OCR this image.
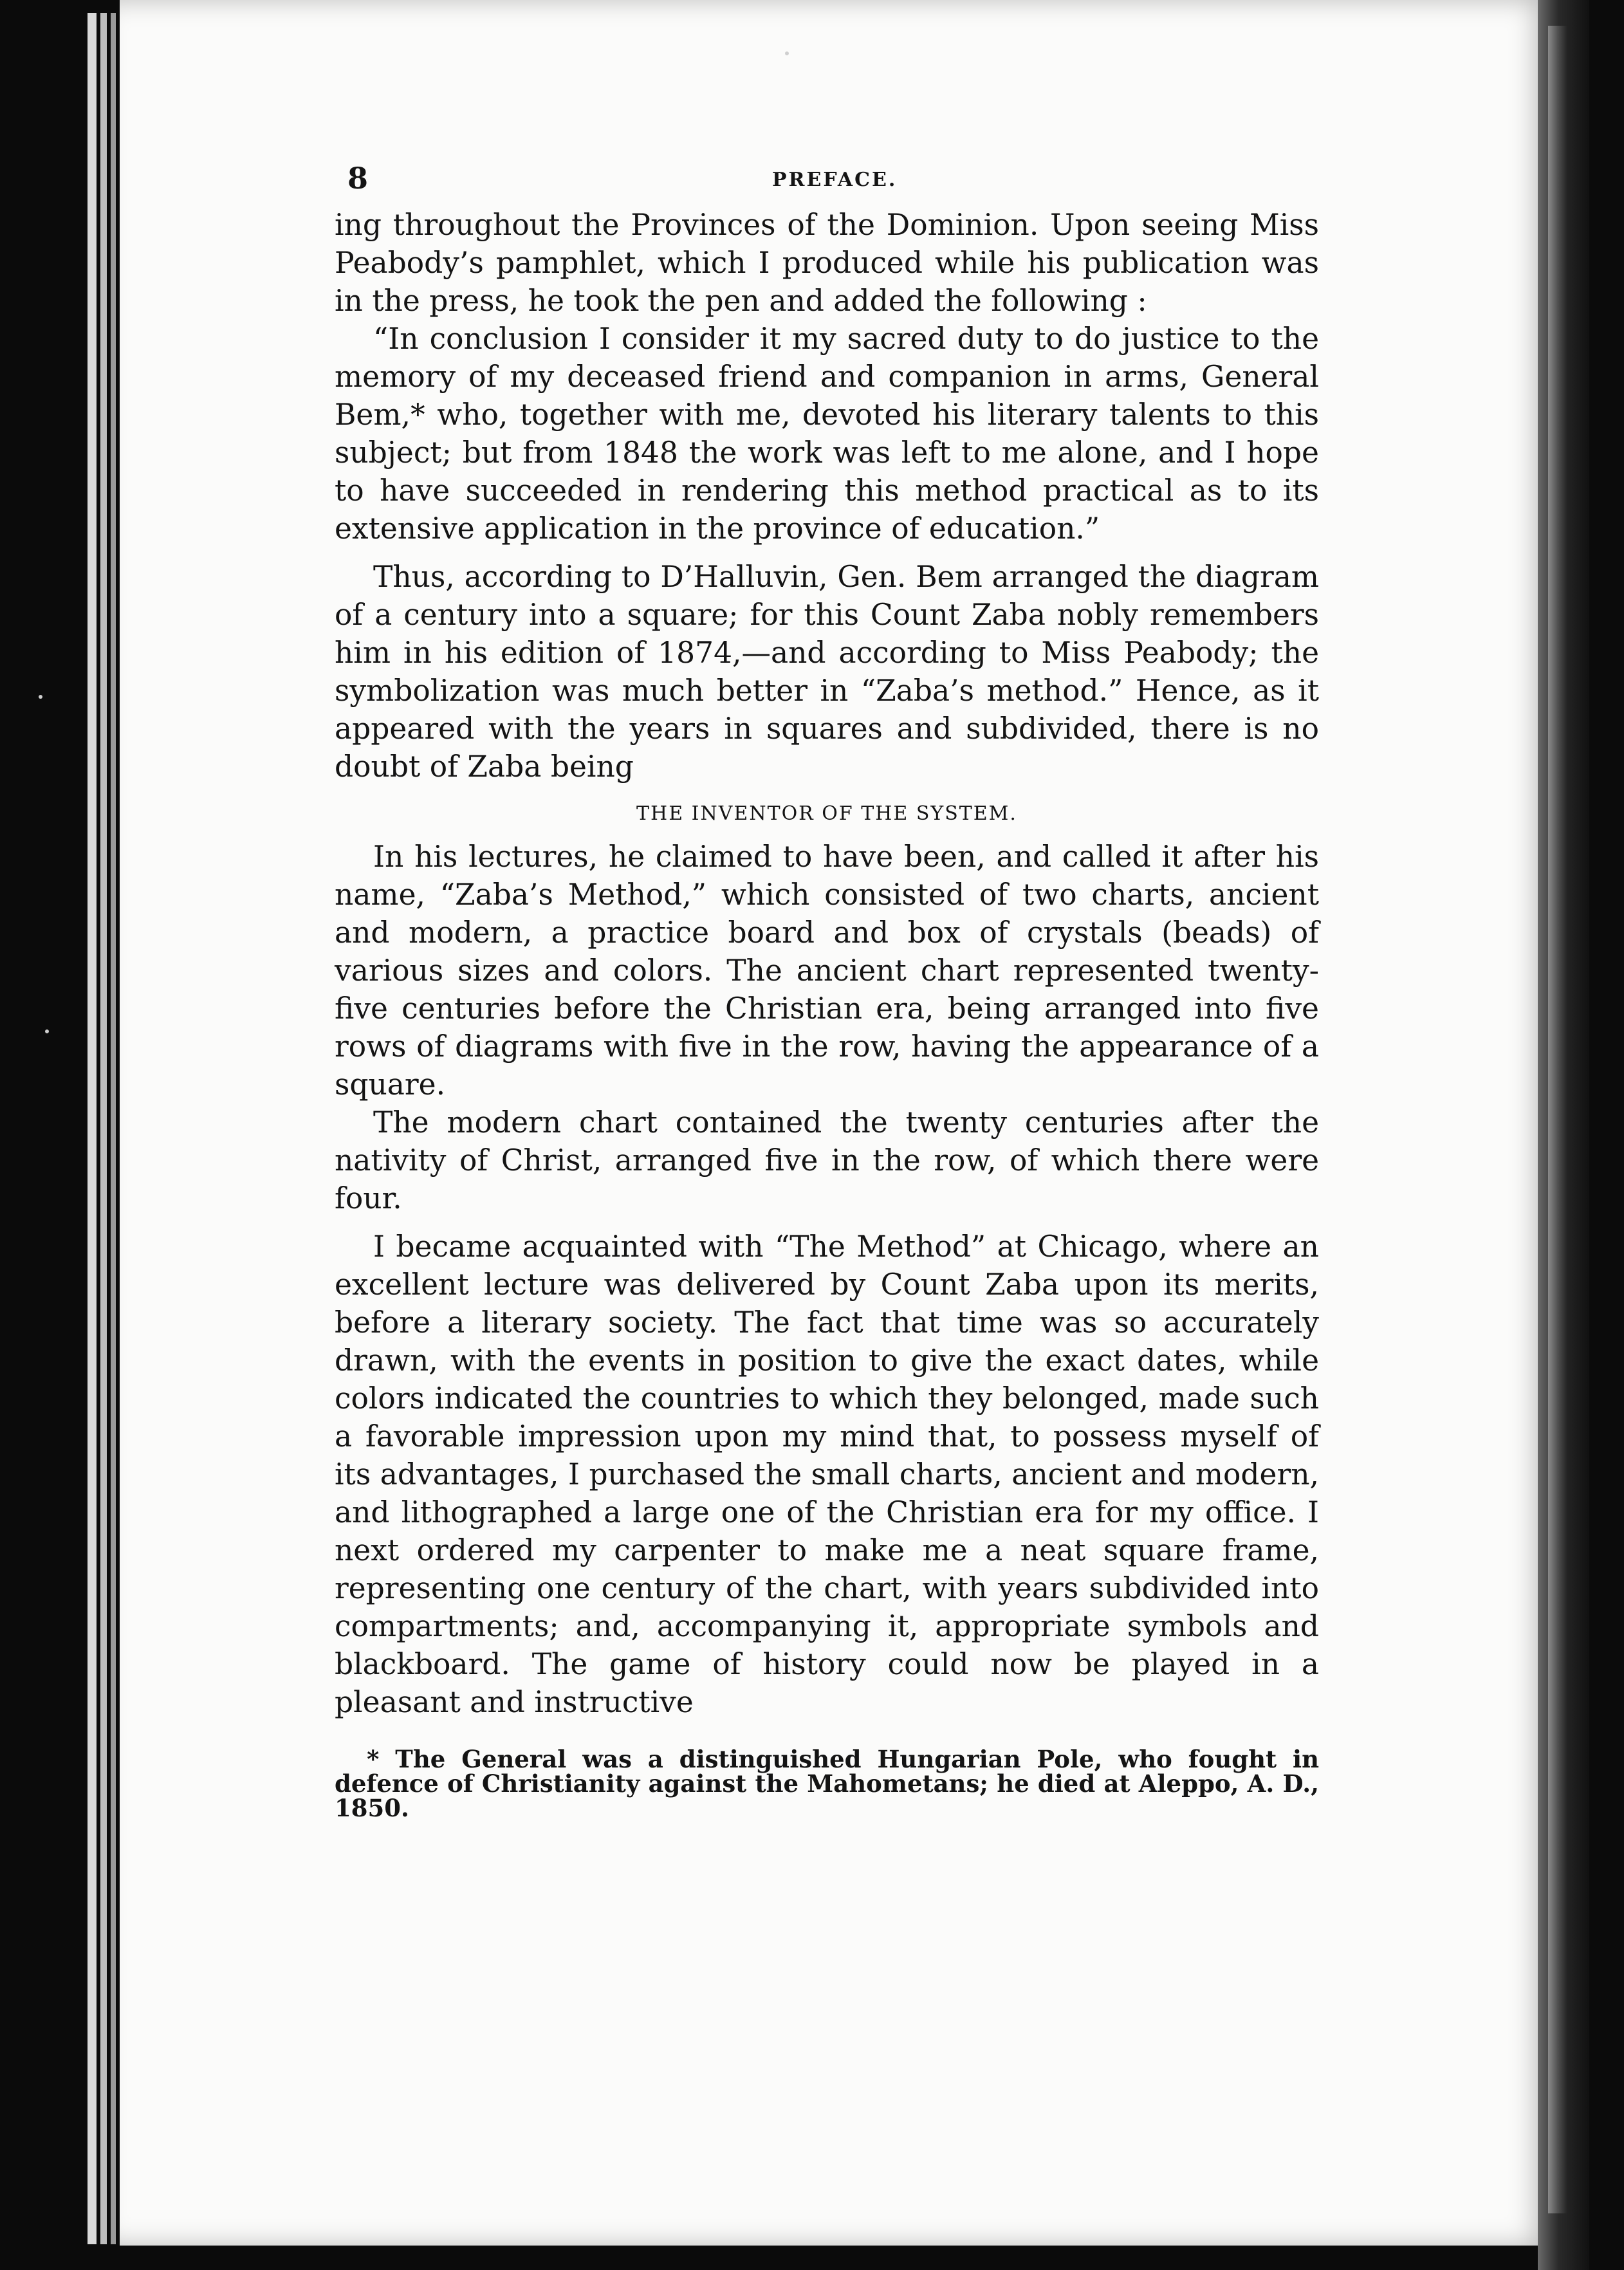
8	PREFACE.

ing throughout the Provinces of the Dominion. Upon seeing Miss Peabody’s pamphlet, which I produced while his publication was in the press, he took the pen and added the following :

“In conclusion I consider it my sacred duty to do justice to the memory of my deceased friend and companion in arms, General Bem,* who, together with me, devoted his literary talents to this subject; but from 1848 the work was left to me alone, and I hope to have succeeded in rendering this method practical as to its extensive application in the province of education.”

Thus, according to D’Halluvin, Gen. Bem arranged the diagram of a century into a square; for this Count Zaba nobly remembers him in his edition of 1874,—and according to Miss Peabody; the symbolization was much better in “Zaba’s method.” Hence, as it appeared with the years in squares and subdivided, there is no doubt of Zaba being

THE INVENTOR OF THE SYSTEM.

In his lectures, he claimed to have been, and called it after his name, “Zaba’s Method,” which consisted of two charts, ancient and modern, a practice board and box of crystals (beads) of various sizes and colors. The ancient chart represented twenty-five centuries before the Christian era, being arranged into five rows of diagrams with five in the row, having the appearance of a square.

The modern chart contained the twenty centuries after the nativity of Christ, arranged five in the row, of which there were four.

I became acquainted with “The Method” at Chicago, where an excellent lecture was delivered by Count Zaba upon its merits, before a literary society. The fact that time was so accurately drawn, with the events in position to give the exact dates, while colors indicated the countries to which they belonged, made such a favorable impression upon my mind that, to possess myself of its advantages, I purchased the small charts, ancient and modern, and lithographed a large one of the Christian era for my office. I next ordered my carpenter to make me a neat square frame, representing one century of the chart, with years subdivided into compartments; and, accompanying it, appropriate symbols and blackboard. The game of history could now be played in a pleasant and instructive

* The General was a distinguished Hungarian Pole, who fought in defence of Christianity against the Mahometans; he died at Aleppo, A. D., 1850.
